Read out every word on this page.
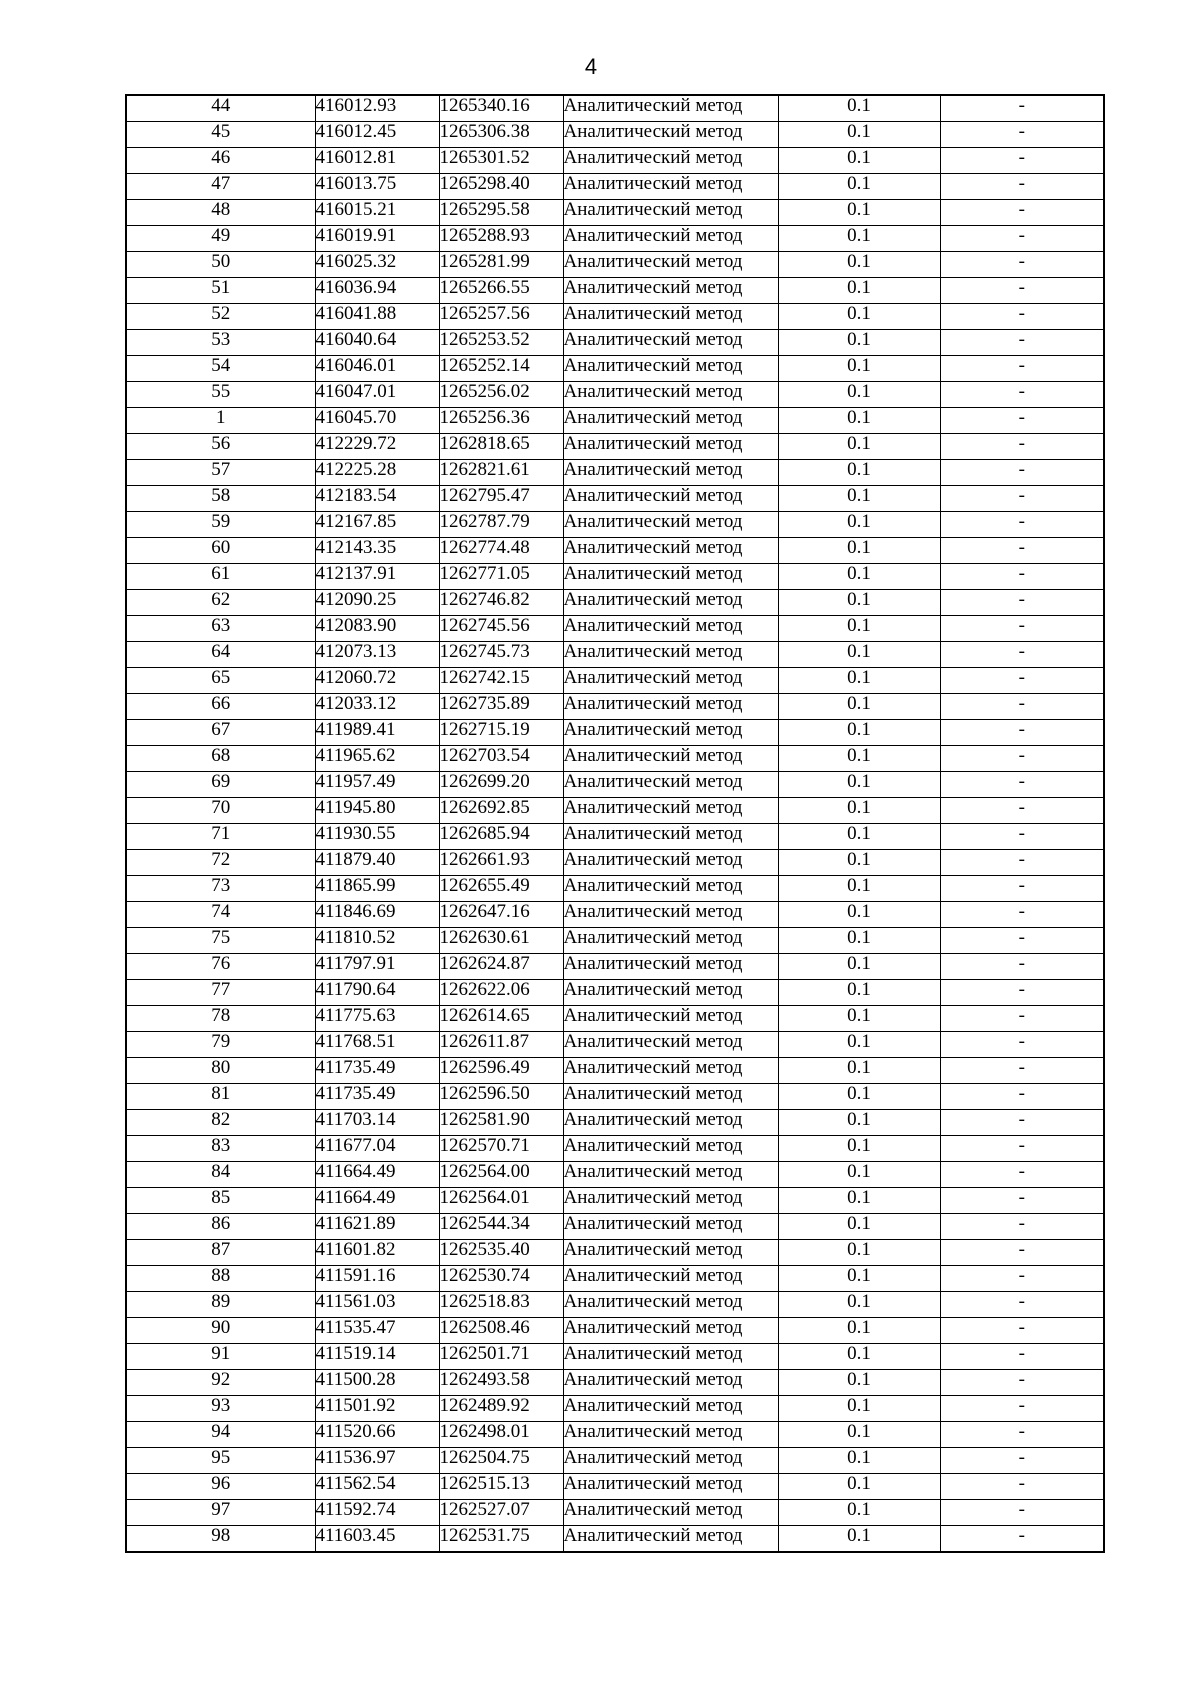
4
44	416012.93	1265340.16	Аналитический метод	0.1	-
45	416012.45	1265306.38	Аналитический метод	0.1	-
46	416012.81	1265301.52	Аналитический метод	0.1	-
47	416013.75	1265298.40	Аналитический метод	0.1	-
48	416015.21	1265295.58	Аналитический метод	0.1	-
49	416019.91	1265288.93	Аналитический метод	0.1	-
50	416025.32	1265281.99	Аналитический метод	0.1	-
51	416036.94	1265266.55	Аналитический метод	0.1	-
52	416041.88	1265257.56	Аналитический метод	0.1	-
53	416040.64	1265253.52	Аналитический метод	0.1	-
54	416046.01	1265252.14	Аналитический метод	0.1	-
55	416047.01	1265256.02	Аналитический метод	0.1	-
1	416045.70	1265256.36	Аналитический метод	0.1	-
56	412229.72	1262818.65	Аналитический метод	0.1	-
57	412225.28	1262821.61	Аналитический метод	0.1	-
58	412183.54	1262795.47	Аналитический метод	0.1	-
59	412167.85	1262787.79	Аналитический метод	0.1	-
60	412143.35	1262774.48	Аналитический метод	0.1	-
61	412137.91	1262771.05	Аналитический метод	0.1	-
62	412090.25	1262746.82	Аналитический метод	0.1	-
63	412083.90	1262745.56	Аналитический метод	0.1	-
64	412073.13	1262745.73	Аналитический метод	0.1	-
65	412060.72	1262742.15	Аналитический метод	0.1	-
66	412033.12	1262735.89	Аналитический метод	0.1	-
67	411989.41	1262715.19	Аналитический метод	0.1	-
68	411965.62	1262703.54	Аналитический метод	0.1	-
69	411957.49	1262699.20	Аналитический метод	0.1	-
70	411945.80	1262692.85	Аналитический метод	0.1	-
71	411930.55	1262685.94	Аналитический метод	0.1	-
72	411879.40	1262661.93	Аналитический метод	0.1	-
73	411865.99	1262655.49	Аналитический метод	0.1	-
74	411846.69	1262647.16	Аналитический метод	0.1	-
75	411810.52	1262630.61	Аналитический метод	0.1	-
76	411797.91	1262624.87	Аналитический метод	0.1	-
77	411790.64	1262622.06	Аналитический метод	0.1	-
78	411775.63	1262614.65	Аналитический метод	0.1	-
79	411768.51	1262611.87	Аналитический метод	0.1	-
80	411735.49	1262596.49	Аналитический метод	0.1	-
81	411735.49	1262596.50	Аналитический метод	0.1	-
82	411703.14	1262581.90	Аналитический метод	0.1	-
83	411677.04	1262570.71	Аналитический метод	0.1	-
84	411664.49	1262564.00	Аналитический метод	0.1	-
85	411664.49	1262564.01	Аналитический метод	0.1	-
86	411621.89	1262544.34	Аналитический метод	0.1	-
87	411601.82	1262535.40	Аналитический метод	0.1	-
88	411591.16	1262530.74	Аналитический метод	0.1	-
89	411561.03	1262518.83	Аналитический метод	0.1	-
90	411535.47	1262508.46	Аналитический метод	0.1	-
91	411519.14	1262501.71	Аналитический метод	0.1	-
92	411500.28	1262493.58	Аналитический метод	0.1	-
93	411501.92	1262489.92	Аналитический метод	0.1	-
94	411520.66	1262498.01	Аналитический метод	0.1	-
95	411536.97	1262504.75	Аналитический метод	0.1	-
96	411562.54	1262515.13	Аналитический метод	0.1	-
97	411592.74	1262527.07	Аналитический метод	0.1	-
98	411603.45	1262531.75	Аналитический метод	0.1	-
